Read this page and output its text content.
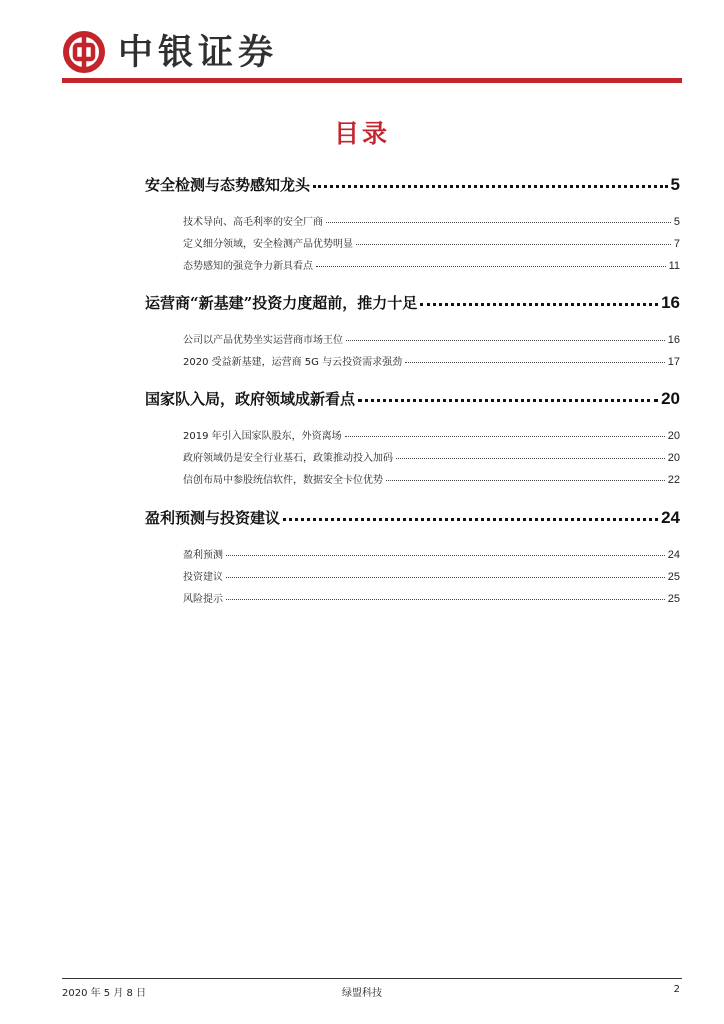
中银证券
目录
安全检测与态势感知龙头	5
技术导向、高毛利率的安全厂商	5
定义细分领域，安全检测产品优势明显	7
态势感知的强竞争力新具看点	11
运营商“新基建”投资力度超前，推力十足	16
公司以产品优势坐实运营商市场王位	16
2020 受益新基建，运营商 5G 与云投资需求强劲	17
国家队入局，政府领域成新看点	20
2019 年引入国家队股东，外资离场	20
政府领域仍是安全行业基石，政策推动投入加码	20
信创布局中参股统信软件，数据安全卡位优势	22
盈利预测与投资建议	24
盈利预测	24
投资建议	25
风险提示	25
2020 年 5 月 8 日	绿盟科技	2
